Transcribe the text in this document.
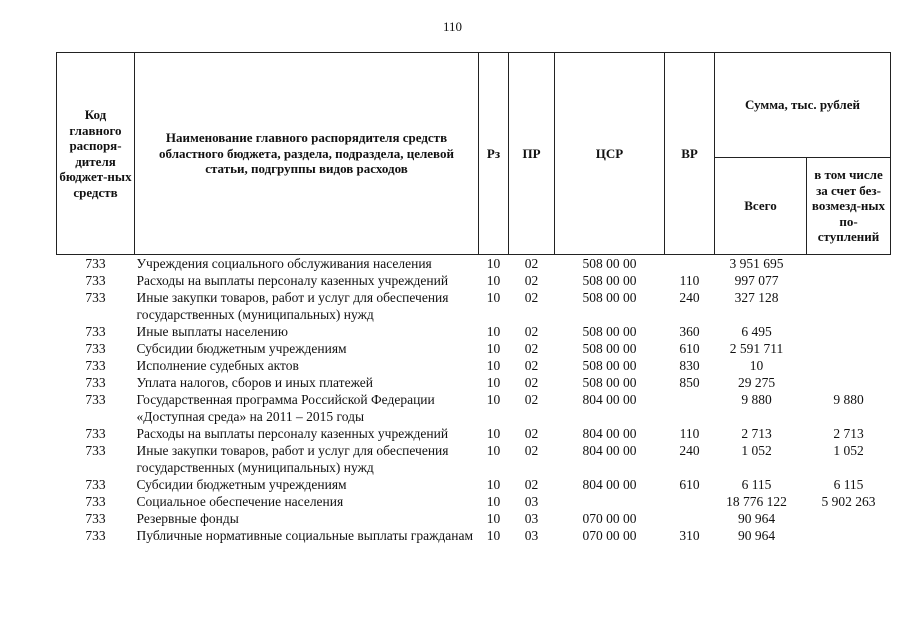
110
Код главного распоря-дителя бюджет-ных средств	Наименование главного распорядителя средств областного бюджета, раздела, подраздела, целевой статьи, подгруппы видов расходов	Рз	ПР	ЦСР	ВР	Сумма, тыс. рублей	
						Всего	в том числе за счет без-возмезд-ных по-ступлений
733	Учреждения социального обслуживания населения	10	02	508 00 00		3 951 695	
733	Расходы на выплаты персоналу казенных учреждений	10	02	508 00 00	110	997 077	
733	Иные закупки товаров, работ и услуг для обеспечения государственных (муниципальных) нужд	10	02	508 00 00	240	327 128	
733	Иные выплаты населению	10	02	508 00 00	360	6 495	
733	Субсидии бюджетным учреждениям	10	02	508 00 00	610	2 591 711	
733	Исполнение судебных актов	10	02	508 00 00	830	10	
733	Уплата налогов, сборов и иных платежей	10	02	508 00 00	850	29 275	
733	Государственная программа Российской Федерации «Доступная среда» на 2011 – 2015 годы	10	02	804 00 00		9 880	9 880
733	Расходы на выплаты персоналу казенных учреждений	10	02	804 00 00	110	2 713	2 713
733	Иные закупки товаров, работ и услуг для обеспечения государственных (муниципальных) нужд	10	02	804 00 00	240	1 052	1 052
733	Субсидии бюджетным учреждениям	10	02	804 00 00	610	6 115	6 115
733	Социальное обеспечение населения	10	03			18 776 122	5 902 263
733	Резервные фонды	10	03	070 00 00		90 964	
733	Публичные нормативные социальные выплаты гражданам	10	03	070 00 00	310	90 964	
